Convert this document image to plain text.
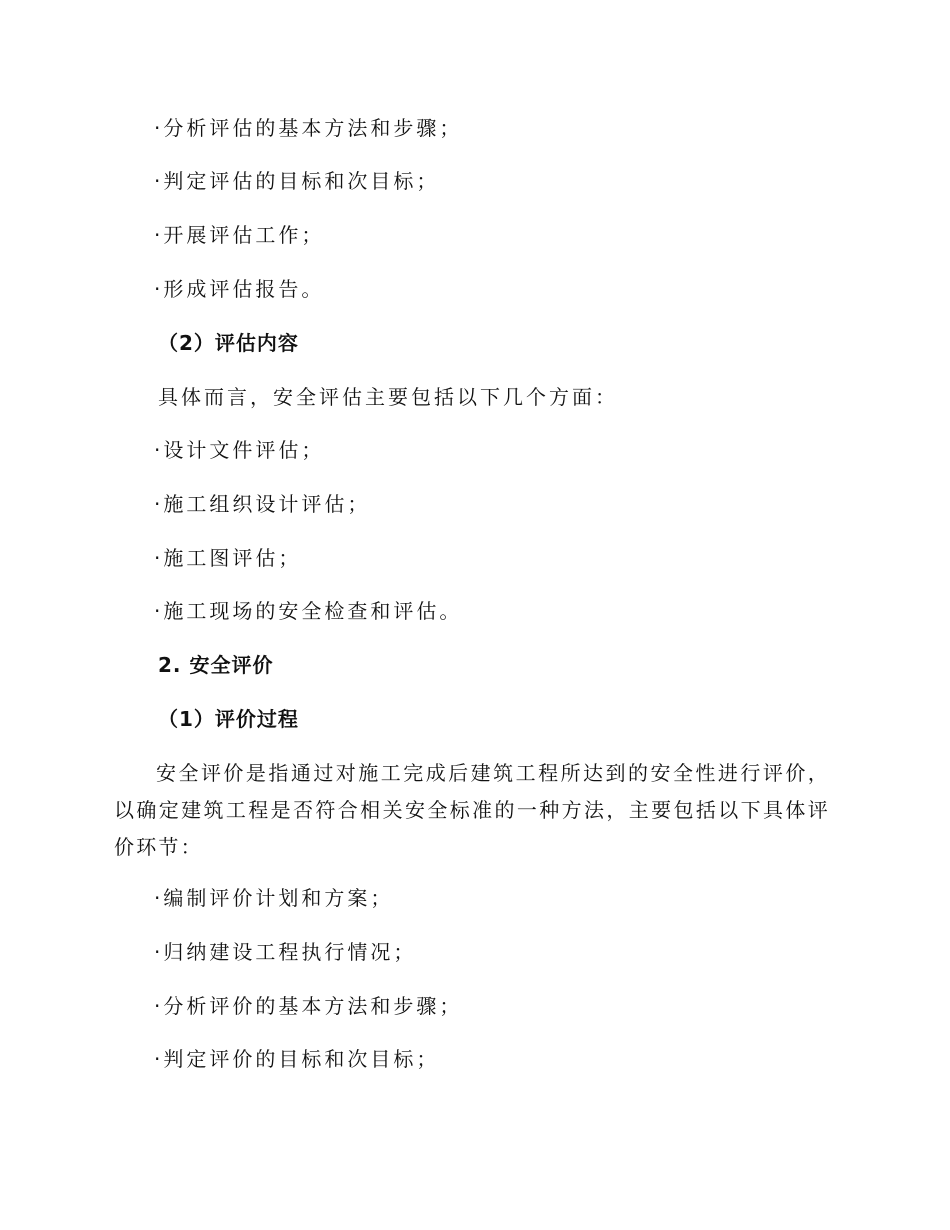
·分析评估的基本方法和步骤；
·判定评估的目标和次目标；
·开展评估工作；
·形成评估报告。
（2）评估内容
具体而言，安全评估主要包括以下几个方面：
·设计文件评估；
·施工组织设计评估；
·施工图评估；
·施工现场的安全检查和评估。
2. 安全评价
（1）评价过程
安全评价是指通过对施工完成后建筑工程所达到的安全性进行评价，以确定建筑工程是否符合相关安全标准的一种方法，主要包括以下具体评价环节：
·编制评价计划和方案；
·归纳建设工程执行情况；
·分析评价的基本方法和步骤；
·判定评价的目标和次目标；
